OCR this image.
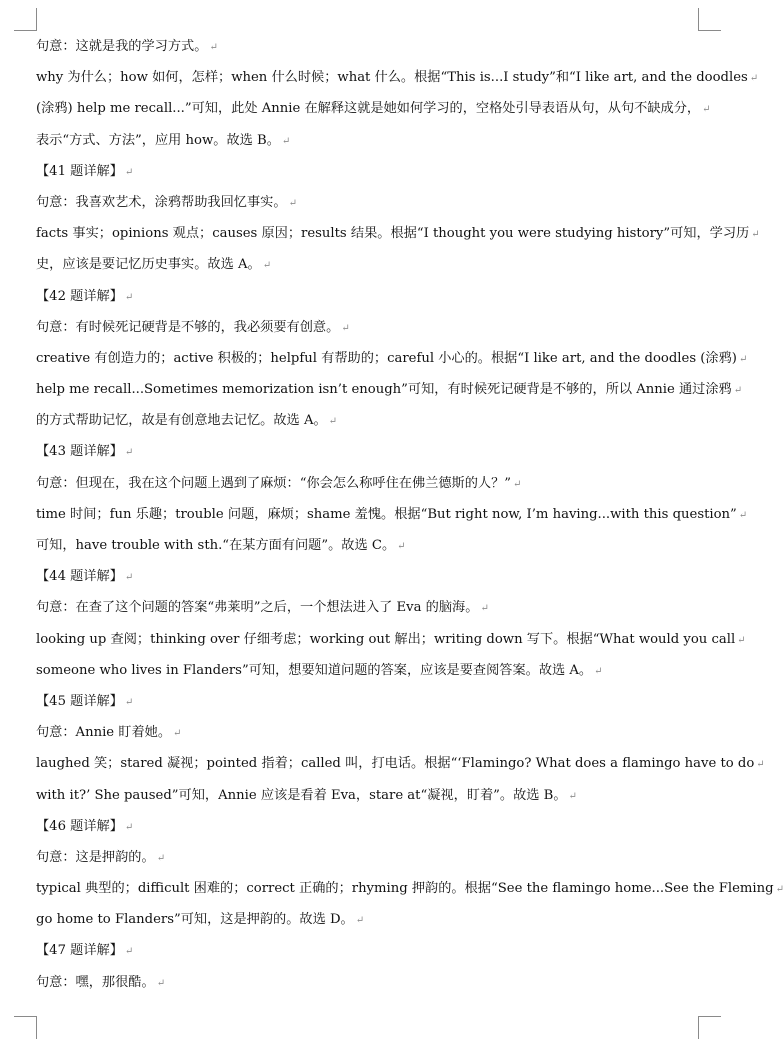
句意：这就是我的学习方式。 ↵
why 为什么；how 如何，怎样；when 什么时候；what 什么。根据“This is...I study”和“I like art, and the doodles ↵
(涂鸦) help me recall...”可知，此处 Annie 在解释这就是她如何学习的，空格处引导表语从句，从句不缺成分， ↵
表示“方式、方法”，应用 how。故选 B。 ↵
【41 题详解】 ↵
句意：我喜欢艺术，涂鸦帮助我回忆事实。 ↵
facts 事实；opinions 观点；causes 原因；results 结果。根据“I thought you were studying history”可知，学习历 ↵
史，应该是要记忆历史事实。故选 A。 ↵
【42 题详解】 ↵
句意：有时候死记硬背是不够的，我必须要有创意。 ↵
creative 有创造力的；active 积极的；helpful 有帮助的；careful 小心的。根据“I like art, and the doodles (涂鸦) ↵
help me recall...Sometimes memorization isn’t enough”可知，有时候死记硬背是不够的，所以 Annie 通过涂鸦 ↵
的方式帮助记忆，故是有创意地去记忆。故选 A。 ↵
【43 题详解】 ↵
句意：但现在，我在这个问题上遇到了麻烦：“你会怎么称呼住在佛兰德斯的人？” ↵
time 时间；fun 乐趣；trouble 问题，麻烦；shame 羞愧。根据“But right now, I’m having...with this question” ↵
可知，have trouble with sth.“在某方面有问题”。故选 C。 ↵
【44 题详解】 ↵
句意：在查了这个问题的答案“弗莱明”之后，一个想法进入了 Eva 的脑海。 ↵
looking up 查阅；thinking over 仔细考虑；working out 解出；writing down 写下。根据“What would you call ↵
someone who lives in Flanders”可知，想要知道问题的答案，应该是要查阅答案。故选 A。 ↵
【45 题详解】 ↵
句意：Annie 盯着她。 ↵
laughed 笑；stared 凝视；pointed 指着；called 叫，打电话。根据“‘Flamingo? What does a flamingo have to do ↵
with it?’ She paused”可知，Annie 应该是看着 Eva，stare at“凝视，盯着”。故选 B。 ↵
【46 题详解】 ↵
句意：这是押韵的。 ↵
typical 典型的；difficult 困难的；correct 正确的；rhyming 押韵的。根据“See the flamingo home...See the Fleming ↵
go home to Flanders”可知，这是押韵的。故选 D。 ↵
【47 题详解】 ↵
句意：嘿，那很酷。 ↵
